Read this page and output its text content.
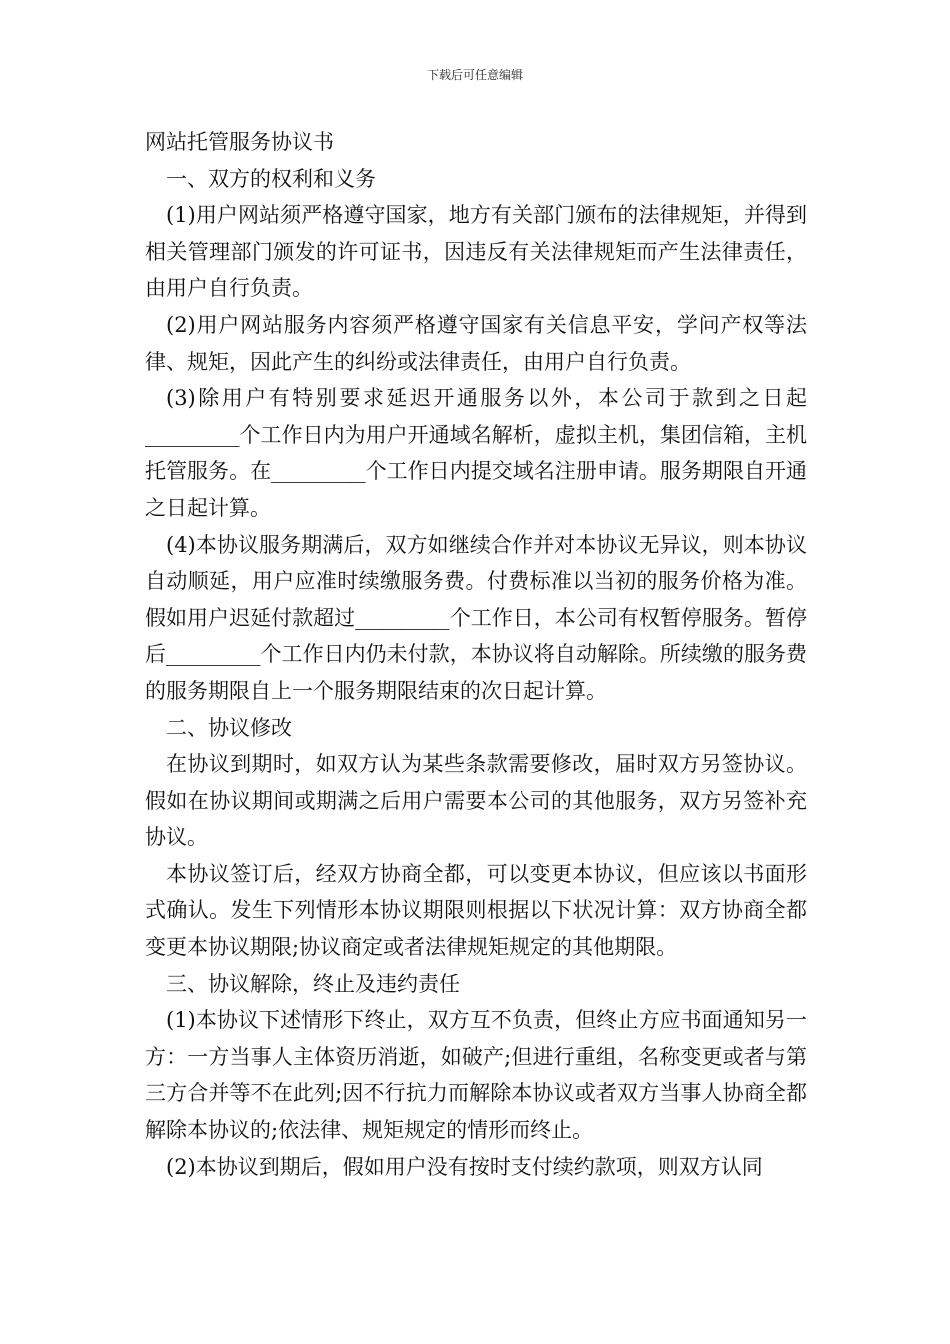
下载后可任意编辑

网站托管服务协议书

一、双方的权利和义务

(1)用户网站须严格遵守国家，地方有关部门颁布的法律规矩，并得到相关管理部门颁发的许可证书，因违反有关法律规矩而产生法律责任，由用户自行负责。

(2)用户网站服务内容须严格遵守国家有关信息平安，学问产权等法律、规矩，因此产生的纠纷或法律责任，由用户自行负责。

(3)除用户有特别要求延迟开通服务以外，本公司于款到之日起_________个工作日内为用户开通域名解析，虚拟主机，集团信箱，主机托管服务。在_________个工作日内提交域名注册申请。服务期限自开通之日起计算。

(4)本协议服务期满后，双方如继续合作并对本协议无异议，则本协议自动顺延，用户应准时续缴服务费。付费标准以当初的服务价格为准。假如用户迟延付款超过_________个工作日，本公司有权暂停服务。暂停后_________个工作日内仍未付款，本协议将自动解除。所续缴的服务费的服务期限自上一个服务期限结束的次日起计算。

二、协议修改

在协议到期时，如双方认为某些条款需要修改，届时双方另签协议。假如在协议期间或期满之后用户需要本公司的其他服务，双方另签补充协议。

本协议签订后，经双方协商全都，可以变更本协议，但应该以书面形式确认。发生下列情形本协议期限则根据以下状况计算：双方协商全都变更本协议期限;协议商定或者法律规矩规定的其他期限。

三、协议解除，终止及违约责任

(1)本协议下述情形下终止，双方互不负责，但终止方应书面通知另一方：一方当事人主体资历消逝，如破产;但进行重组，名称变更或者与第三方合并等不在此列;因不行抗力而解除本协议或者双方当事人协商全都解除本协议的;依法律、规矩规定的情形而终止。

(2)本协议到期后，假如用户没有按时支付续约款项，则双方认同
